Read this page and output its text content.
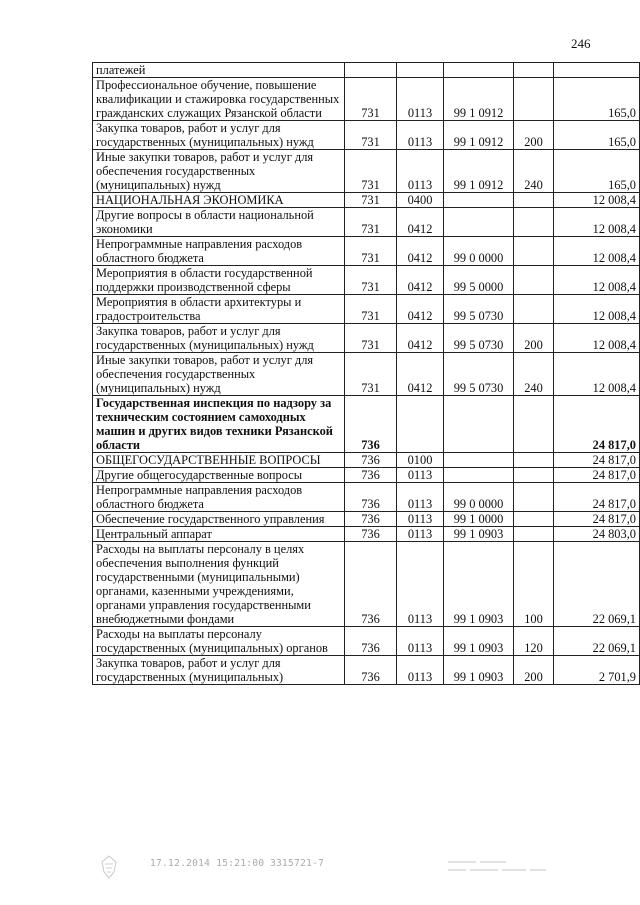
246
платежей					
Профессиональное обучение, повышение квалификации и стажировка государственных гражданских служащих Рязанской области	731	0113	99 1 0912		165,0
Закупка товаров, работ и услуг для государственных (муниципальных) нужд	731	0113	99 1 0912	200	165,0
Иные закупки товаров, работ и услуг для обеспечения государственных (муниципальных) нужд	731	0113	99 1 0912	240	165,0
НАЦИОНАЛЬНАЯ ЭКОНОМИКА	731	0400			12 008,4
Другие вопросы в области национальной экономики	731	0412			12 008,4
Непрограммные направления расходов областного бюджета	731	0412	99 0 0000		12 008,4
Мероприятия в области государственной поддержки производственной сферы	731	0412	99 5 0000		12 008,4
Мероприятия в области архитектуры и градостроительства	731	0412	99 5 0730		12 008,4
Закупка товаров, работ и услуг для государственных (муниципальных) нужд	731	0412	99 5 0730	200	12 008,4
Иные закупки товаров, работ и услуг для обеспечения государственных (муниципальных) нужд	731	0412	99 5 0730	240	12 008,4
Государственная инспекция по надзору за техническим состоянием самоходных машин и других видов техники Рязанской области	736				24 817,0
ОБЩЕГОСУДАРСТВЕННЫЕ ВОПРОСЫ	736	0100			24 817,0
Другие общегосударственные вопросы	736	0113			24 817,0
Непрограммные направления расходов областного бюджета	736	0113	99 0 0000		24 817,0
Обеспечение государственного управления	736	0113	99 1 0000		24 817,0
Центральный аппарат	736	0113	99 1 0903		24 803,0
Расходы на выплаты персоналу в целях обеспечения выполнения функций государственными (муниципальными) органами, казенными учреждениями, органами управления государственными внебюджетными фондами	736	0113	99 1 0903	100	22 069,1
Расходы на выплаты персоналу государственных (муниципальных) органов	736	0113	99 1 0903	120	22 069,1
Закупка товаров, работ и услуг для государственных (муниципальных)	736	0113	99 1 0903	200	2 701,9
17.12.2014 15:21:00 3315721-7
